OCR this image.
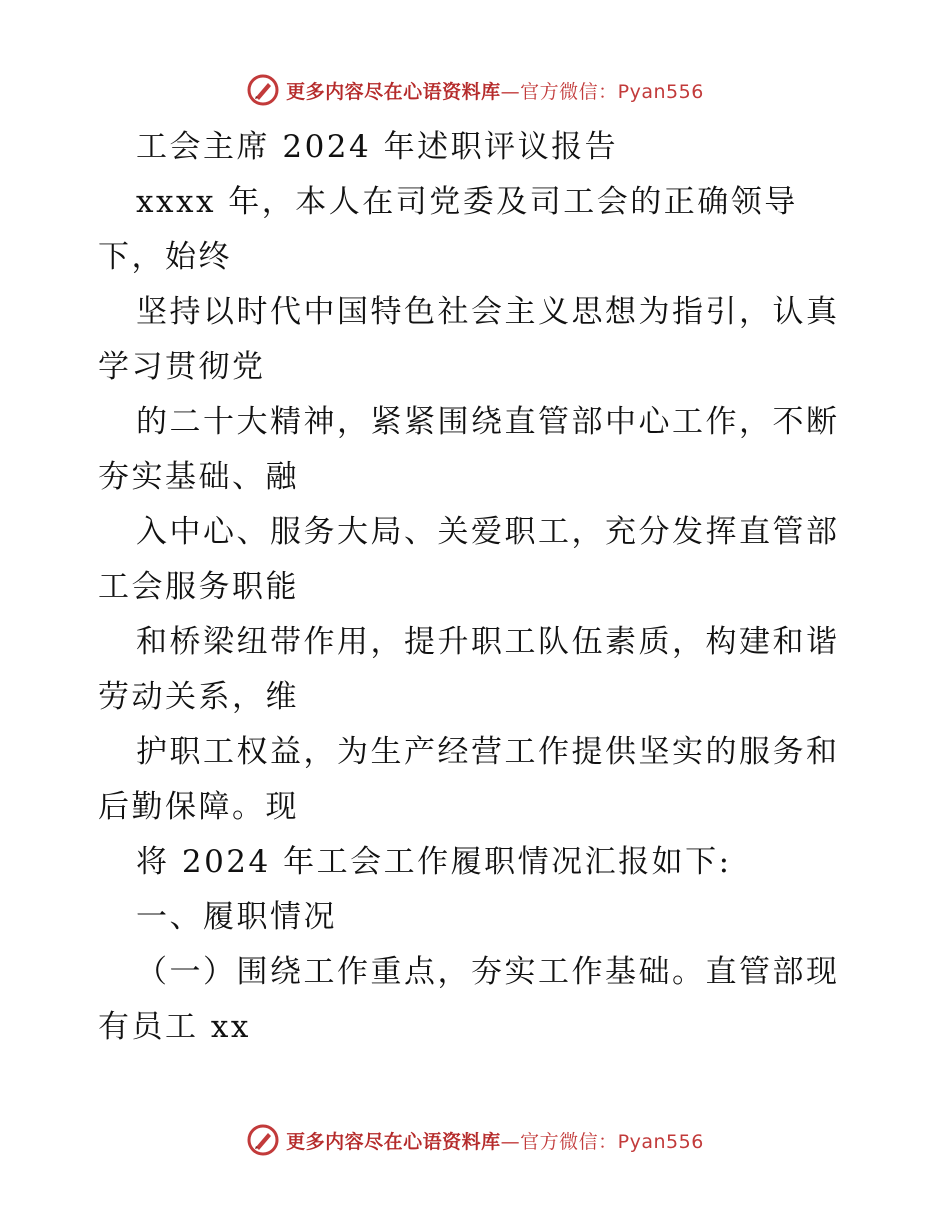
更多内容尽在心语资料库—官方微信：Pyan556
工会主席 2024 年述职评议报告
xxxx 年，本人在司党委及司工会的正确领导
下，始终
坚持以时代中国特色社会主义思想为指引，认真
学习贯彻党
的二十大精神，紧紧围绕直管部中心工作，不断
夯实基础、融
入中心、服务大局、关爱职工，充分发挥直管部
工会服务职能
和桥梁纽带作用，提升职工队伍素质，构建和谐
劳动关系，维
护职工权益，为生产经营工作提供坚实的服务和
后勤保障。现
将 2024 年工会工作履职情况汇报如下:
一、履职情况
（一）围绕工作重点，夯实工作基础。直管部现
有员工 xx
更多内容尽在心语资料库—官方微信：Pyan556
